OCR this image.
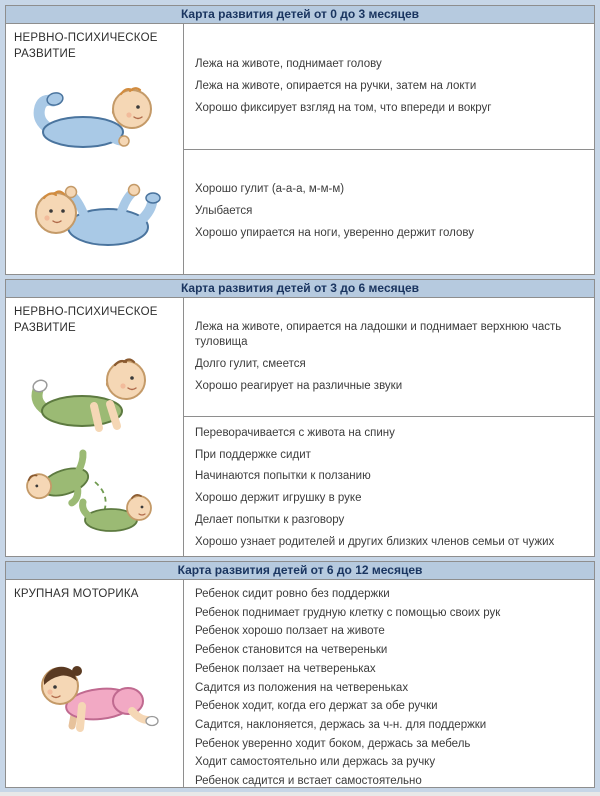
Карта развития детей от 0 до 3 месяцев
НЕРВНО-ПСИХИЧЕСКОЕ РАЗВИТИЕ
Лежа на животе, поднимает голову
Лежа на животе, опирается на ручки, затем на локти
Хорошо фиксирует взгляд на том, что впереди и вокруг
Хорошо гулит (а-а-а, м-м-м)
Улыбается
Хорошо упирается на ноги, уверенно держит голову
Карта развития детей от 3 до 6 месяцев
НЕРВНО-ПСИХИЧЕСКОЕ РАЗВИТИЕ	Лежа на животе, опирается на ладошки и поднимает верхнюю часть туловища
Долго гулит, смеется
Хорошо реагирует на различные звуки
Переворачивается с живота на спину
При поддержке сидит
Начинаются попытки к ползанию
Хорошо держит игрушку в руке
Делает попытки к разговору
Хорошо узнает родителей и других близких членов семьи от чужих
Карта развития детей от 6 до 12 месяцев
КРУПНАЯ МОТОРИКА	Ребенок сидит ровно без поддержки
Ребенок поднимает грудную клетку с помощью своих рук
Ребенок хорошо ползает на животе
Ребенок становится на четвереньки
Ребенок ползает на четвереньках
Садится из положения на четвереньках
Ребенок ходит, когда его держат за обе ручки
Садится, наклоняется, держась за ч-н. для поддержки
Ребенок уверенно ходит боком, держась за мебель
Ходит самостоятельно или держась за ручку
Ребенок садится и встает самостоятельно
